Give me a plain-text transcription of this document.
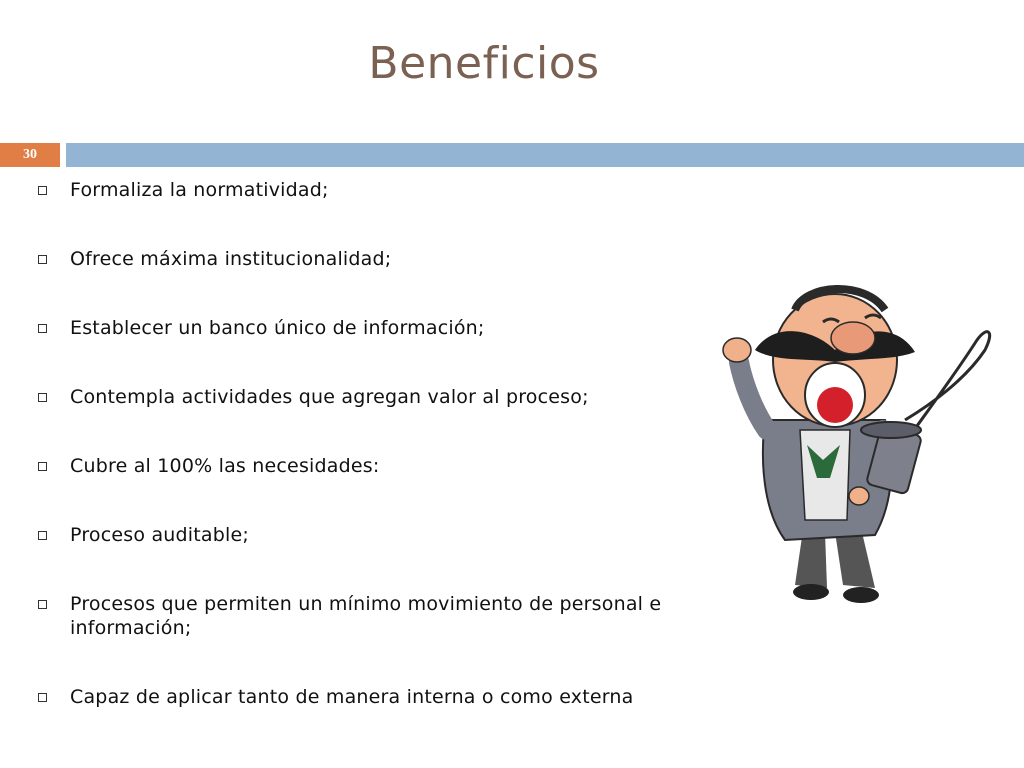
Beneficios
30
Formaliza la normatividad;
Ofrece máxima institucionalidad;
Establecer un banco único de información;
Contempla actividades que agregan valor al proceso;
Cubre al 100% las necesidades:
Proceso auditable;
Procesos que permiten un mínimo movimiento de personal e información;
Capaz de aplicar tanto de manera interna o como externa
